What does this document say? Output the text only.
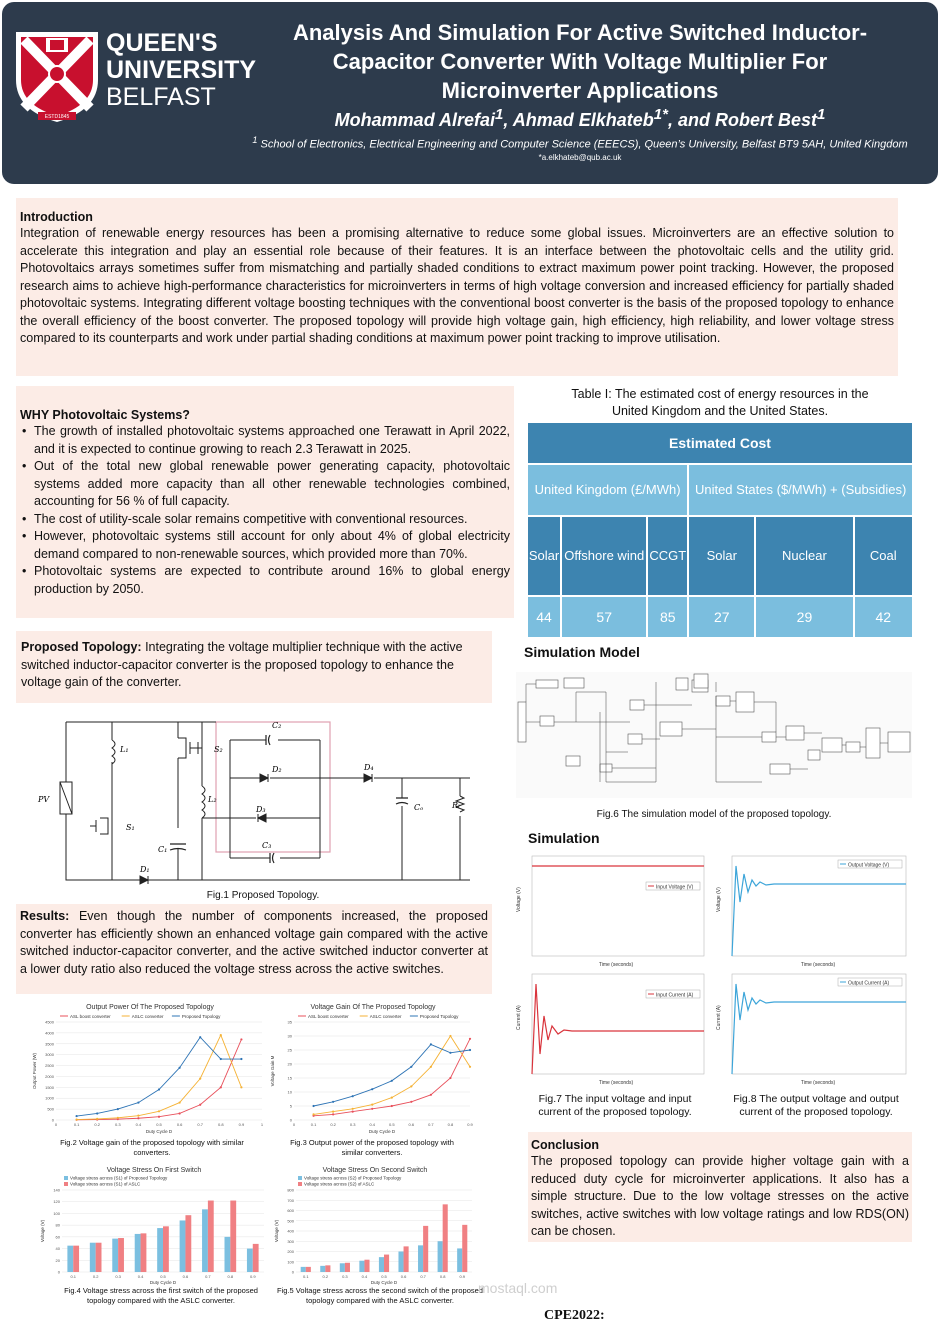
ESTD1845
QUEEN'S
UNIVERSITY
BELFAST
Analysis And Simulation For Active Switched Inductor-Capacitor Converter With Voltage Multiplier For Microinverter Applications
Mohammad Alrefai$^1$, Ahmad Elkhateb$^{1*}$, and Robert Best$^1$
$^1$ School of Electronics, Electrical Engineering and Computer Science (EEECS), Queen’s University, Belfast BT9 5AH, United Kingdom
*a.elkhateb@qub.ac.uk
Introduction

Integration of renewable energy resources has been a promising alternative to reduce some global issues. Microinverters are an effective solution to accelerate this integration and play an essential role because of their features. It is an interface between the photovoltaic cells and the utility grid. Photovoltaics arrays sometimes suffer from mismatching and partially shaded conditions to extract maximum power point tracking. However, the proposed research aims to achieve high-performance characteristics for microinverters in terms of high voltage conversion and increased efficiency for partially shaded photovoltaic systems. Integrating different voltage boosting techniques with the conventional boost converter is the basis of the proposed topology to enhance the overall efficiency of the boost converter. The proposed topology will provide high voltage gain, high efficiency, high reliability, and lower voltage stress compared to its counterparts and work under partial shading conditions at maximum power point tracking to improve utilisation.

WHY Photovoltaic Systems?
• The growth of installed photovoltaic systems approached one Terawatt in April 2022, and it is expected to continue growing to reach 2.3 Terawatt in 2025.
• Out of the total new global renewable power generating capacity, photovoltaic systems added more capacity than all other renewable technologies combined, accounting for 56 % of full capacity.
• The cost of utility-scale solar remains competitive with conventional resources.
• However, photovoltaic systems still account for only about 4% of global electricity demand compared to non-renewable sources, which provided more than 70%.
• Photovoltaic systems are expected to contribute around 16% to global energy production by 2050.
Table I: The estimated cost of energy resources in the
United Kingdom and the United States.
Estimated Cost					
United Kingdom (£/MWh)			United States ($/MWh) + (Subsidies)		
Solar	Offshore wind	CCGT	Solar	Nuclear	Coal
44	57	85	27	29	42

Proposed Topology: Integrating the voltage multiplier technique with the active switched inductor-capacitor converter is the proposed topology to enhance the voltage gain of the converter.

PV
L₁
L₂
S₂
S₁
C₁
C₂
C₃
Cₒ
D₁
D₂
D₃
D₄
Rₗ
Fig.1 Proposed Topology.

Results: Even though the number of components increased, the proposed converter has efficiently shown an enhanced voltage gain compared with the active switched inductor-capacitor converter, and the active switched inductor converter at a lower duty ratio also reduced the voltage stress across the active switches.

Output Power Of The Proposed Topology
ASL boost converter	ASLC converter	Proposed Topology
0
500
1000
1500
2000
2500
3000
3500
4000
4500
0	0.1	0.2	0.3	0.4	0.5	0.6	0.7	0.8	0.9	1
Duty Cycle D
Output Power (W)
Voltage Gain Of The Proposed Topology
ASL boost converter	ASLC converter	Proposed Topology
0
5
10
15
20
25
30
35
0	0.1	0.2	0.3	0.4	0.5	0.6	0.7	0.8	0.9
Duty Cycle D
Voltage Gain M
Fig.2 Voltage gain of the proposed topology with similar
converters.
Fig.3 Output power of the proposed topology with
similar converters.
Voltage Stress On First Switch
Voltage stress across (S1) of Proposed Topology
Voltage stress across (S1) of ASLC
0
20
40
60
80
100
120
140
0.1	0.2	0.3	0.4	0.5	0.6	0.7	0.8	0.9
Duty Cycle D
Voltage (V)
Voltage Stress On Second Switch
Voltage stress across (S2) of Proposed Topology
Voltage stress across (S2) of ASLC
0
100
200
300
400
500
600
700
800
0.1	0.2	0.3	0.4	0.5	0.6	0.7	0.8	0.9
Duty Cycle D
Voltage (V)
Fig.4 Voltage stress across the first switch of the proposed
topology compared with the ASLC converter.
Fig.5 Voltage stress across the second switch of the proposed
topology compared with the ASLC converter.
Simulation Model
Fig.6 The simulation model of the proposed topology.
Simulation
Input Voltage (V)
Voltage (V)
Time (seconds)
Output Voltage (V)
Voltage (V)
Time (seconds)
Input Current (A)
Current (A)
Time (seconds)
Output Current (A)
Current (A)
Time (seconds)
Fig.7 The input voltage and input
current of the proposed topology.
Fig.8 The output voltage and output
current of the proposed topology.
Conclusion

The proposed topology can provide higher voltage gain with a reduced duty cycle for microinverter applications. It also has a simple structure. Due to the low voltage stresses on the active switches, active switches with low voltage ratings and low RDS(ON) can be chosen.

mostaql.com
CPE2022:
